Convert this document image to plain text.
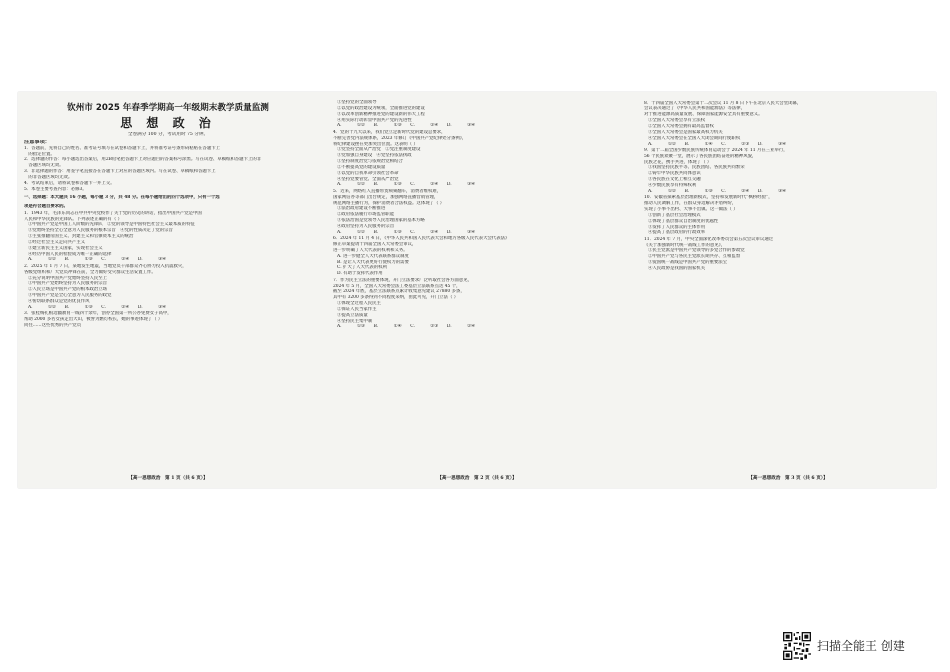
钦州市 2025 年春季学期高一年级期末教学质量监测

思 想 政 治

全卷满分 100 分，考试用时 75 分钟。

注意事项：

1．答题前，先将自己的姓名、准考证号填写在试卷和答题卡上，并将准考证号条形码粘贴在答题卡上

　的指定位置。

2．选择题的作答：每小题选出答案后，用2B铅笔把答题卡上对应题目的答案标号涂黑。写在试卷、草稿纸和答题卡上的非

　答题区域均无效。

3．非选择题的作答：用签字笔直接答在答题卡上对应的答题区域内。写在试卷、草稿纸和答题卡上

　的非答题区域均无效。

4．考试结束后，请将试卷和答题卡一并上交。

5．本卷主要考查内容：必修3。

一、选择题：本大题共 16 小题，每小题 3 分，共 48 分。在每小题给出的四个选项中，只有一个选

项是符合题目要求的。

1．1943 年，毛泽东同志在中共中央党校作了关于党的历史的讲话，指出中国共产党是中国

人民和中华民族的先锋队。下列表述正确的有（ ）

①中国共产党是中国工人阶级的先锋队　②党的领导是中国特色社会主义最本质的特征

③党始终坚持全心全意为人民服务的根本宗旨　④党的性质决定了党的宗旨

①主张推翻帝国主义、封建主义和官僚资本主义的统治

②经过社会主义走向共产主义

③建立新民主主义国家，实现社会主义

④经历中国人民的检验成为唯一正确的选择

A. ①②　　B. ①③　　C. ②④　　D. ③④

2．2025 年 1 月 7 日，某地发生地震，当地党员干部群众齐心协力投入抗震救灾，

各级党组织和广大党员冲锋在前，全力做好受灾群众生活安置工作。

②充分说明中国共产党始终坚持人民至上

①中国共产党始终坚持为人民服务的宗旨

②人民立场是中国共产党的根本政治立场

③中国共产党是全心全意为人民服务的政党

④密切联系群众是党的优良作风

A. ①②　　B. ①③　　C. ②④　　D. ③④

3．张桂梅扎根边疆教育一线四十余年，创办全国第一所公办免费女子高中，

帮助 2000 多名女孩走出大山，被誉为燃灯校长，她的事迹体现了（ ）

同往……这些优秀的共产党员

【高一思想政治　第 1 页（共 6 页）】

①坚持党的全面领导

②以党的政治建设为统领，全面推进党的建设

③以改革创新精神推进党的建设新的伟大工程

④用实际行动彰显中国共产党的先进性

A. ①②　　B. ①③　　C. ②④　　D. ③④

4．党的十九大以来，我们党立足新时代党的建设总要求，

不断完善党内法规体系，2023 年修订《中国共产党纪律处分条例》，

将纪律建设摆在更加突出位置。这表明（ ）

①党坚持全面从严治党　②党注重制度建设

③党加强自身建设　④党坚持依法执政

①坚持制度治党与依规治党相结合

②不断提高党的建设质量

③以党的自我革命引领社会革命

④坚持党要管党、全面从严治党

A. ①②　　B. ①③　　C. ②④　　D. ③④

5．近来，网络红人直播带货频频翻车，消费者维权难，

国家网信办等部门出台规定，加强网络直播营销管理，

规范网络主播行为，保护消费者合法权益。这体现了（ ）

①法治政府建设不断推进

②政府依法履行市场监管职能

③依法治国是党领导人民治理国家的基本方略

④政府坚持为人民服务的宗旨

A. ①②　　B. ①③　　C. ②④　　D. ③④

6．2024 年 11 月 4 日，《中华人民共和国人民代表大会和地方各级人民代表大会代表法》

修正草案提请十四届全国人大常委会审议，

进一步明确了人大代表的权利和义务。

A. 进一步健全人大代表联系群众制度

B. 是让人大代表更好行使权力的需要

C. 扩大了人大代表的权利

D. 有助于发挥代表作用

7．作为民主立法的重要体现，开门立法要求广泛听取社会各方面意见，

2024 年 5 月，全国人大常委会法工委基层立法联系点达 45 个，

截至 2024 年底，基层立法联系点累计收集意见建议 27880 多条，

其中有 3200 多条得到不同程度采纳，由此可见，开门立法（ ）

①体现全过程人民民主

②保证人民当家作主

③提高立法质量

④坚持民主集中制

A. ①③　　B. ①④　　C. ②③　　D. ②④

【高一思想政治　第 2 页（共 6 页）】

8．十四届全国人大常委会第十二次会议 11 月 8 日下午在北京人民大会堂闭幕，

会议表决通过了《中华人民共和国能源法》等法律，

对于推进能源高质量发展、保障国家能源安全具有重要意义。

①全国人大常委会享有立法权

②全国人大常委会拥有最高监督权

③全国人大常委会是国家最高权力机关

④全国人大常委会在全国人大闭会期间行使职权

A. ①②　　B. ①④　　C. ②③　　D. ③④

9．第十二届全国少数民族传统体育运动会于 2024 年 11 月在三亚举行，

56 个民族欢聚一堂，展示了各民族团结奋进的精神风貌，

民族之花，携手共进，体现了（ ）

①我国坚持民族平等、民族团结、各民族共同繁荣

②铸牢中华民族共同体意识

③各民族在文化上相互交融

④少数民族享有特殊权利

A. ①②　　B. ①③　　C. ②④　　D. ③④

10．安徽省探索基层治理新模式，坚持和发展新时代“枫桥经验”，

推动人民调解工作，在群众身边解决矛盾纠纷，

实现了小事不出村、大事不出镇。这一做法（ ）

①创新了基层社会治理模式

②体现了基层群众自治制度的优越性

③发挥了人民群众的主体作用

④提高了基层政府的行政效率

11．2024 年 7 月，中央全面深化改革委员会第五次会议审议通过

《关于加强新时代统一战线工作的意见》，

①民主党派是中国共产党领导的多党合作的参政党

②中国共产党与各民主党派长期共存、互相监督

③爱国统一战线是中国共产党的重要法宝

④人民政协是我国的国家机关

【高一思想政治　第 3 页（共 6 页）】
扫描全能王 创建
